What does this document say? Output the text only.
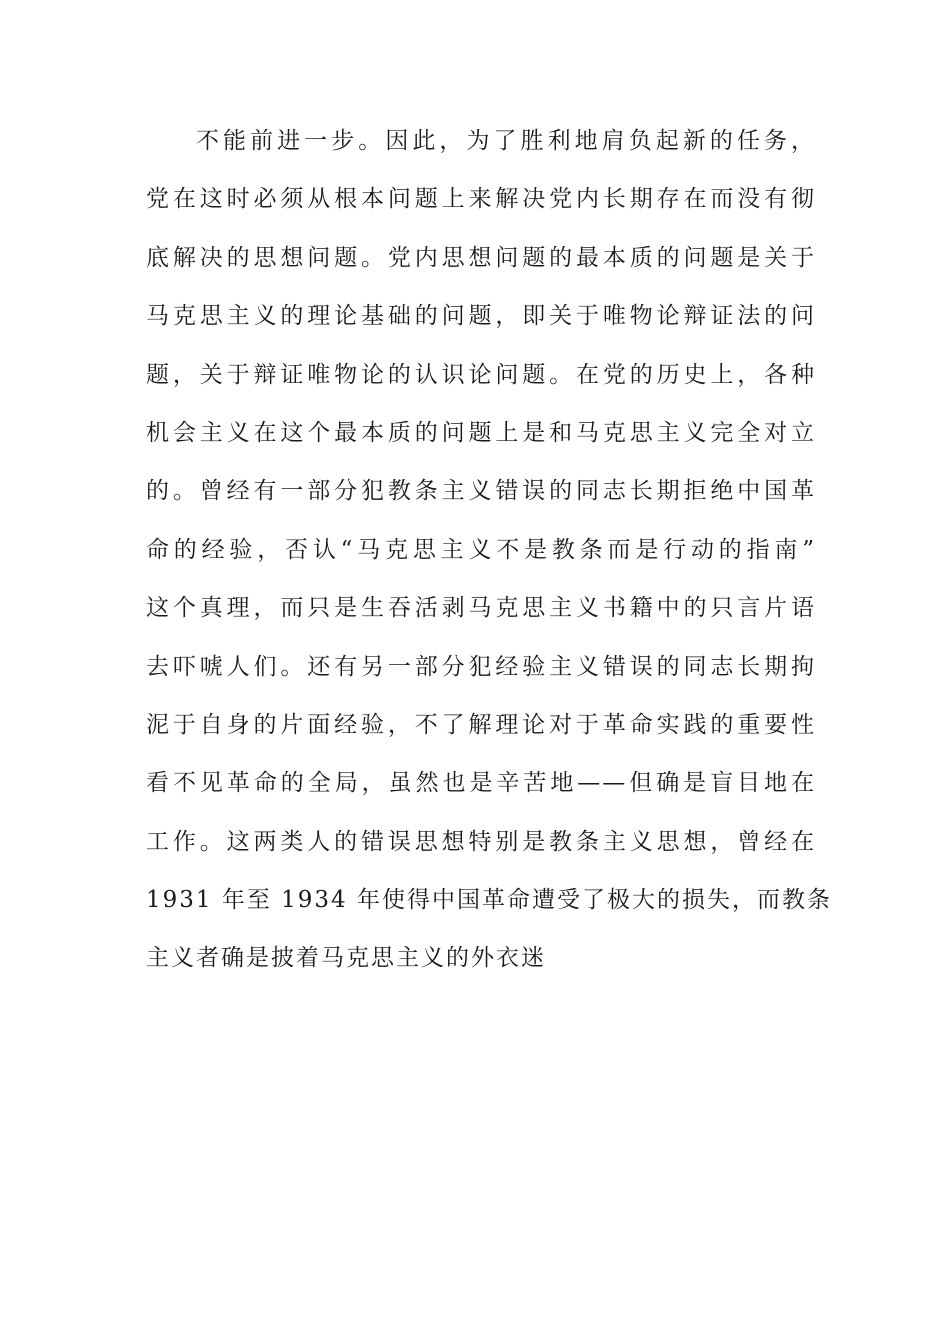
不能前进一步。因此，为了胜利地肩负起新的任务，
党在这时必须从根本问题上来解决党内长期存在而没有彻
底解决的思想问题。党内思想问题的最本质的问题是关于
马克思主义的理论基础的问题，即关于唯物论辩证法的问
题，关于辩证唯物论的认识论问题。在党的历史上，各种
机会主义在这个最本质的问题上是和马克思主义完全对立
的。曾经有一部分犯教条主义错误的同志长期拒绝中国革
命的经验，否认“马克思主义不是教条而是行动的指南”
这个真理，而只是生吞活剥马克思主义书籍中的只言片语
去吓唬人们。还有另一部分犯经验主义错误的同志长期拘
泥于自身的片面经验，不了解理论对于革命实践的重要性
看不见革命的全局，虽然也是辛苦地——但确是盲目地在
工作。这两类人的错误思想特别是教条主义思想，曾经在
1931 年至 1934 年使得中国革命遭受了极大的损失，而教条
主义者确是披着马克思主义的外衣迷
